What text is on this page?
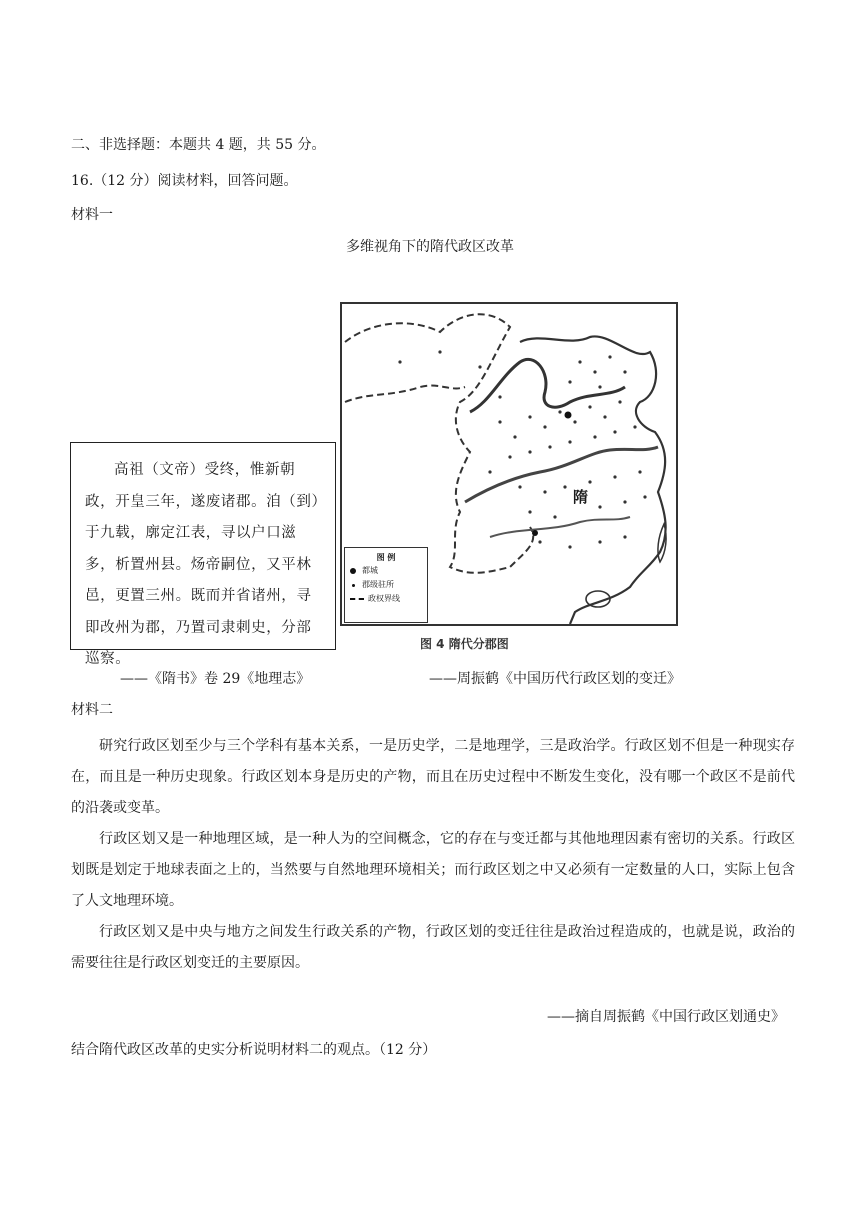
二、非选择题：本题共 4 题，共 55 分。
16.（12 分）阅读材料，回答问题。
材料一
多维视角下的隋代政区改革

高祖（文帝）受终，惟新朝政，开皇三年，遂废诸郡。洎（到）于九载，廓定江表，寻以户口滋多，析置州县。炀帝嗣位，又平林邑，更置三州。既而并省诸州，寻即改州为郡，乃置司隶刺史，分部巡察。

隋
图 例
都城
郡级驻所
政权界线
图 4 隋代分郡图
——《隋书》卷 29《地理志》	——周振鹤《中国历代行政区划的变迁》
材料二

研究行政区划至少与三个学科有基本关系，一是历史学，二是地理学，三是政治学。行政区划不但是一种现实存在，而且是一种历史现象。行政区划本身是历史的产物，而且在历史过程中不断发生变化，没有哪一个政区不是前代的沿袭或变革。

行政区划又是一种地理区域，是一种人为的空间概念，它的存在与变迁都与其他地理因素有密切的关系。行政区划既是划定于地球表面之上的，当然要与自然地理环境相关；而行政区划之中又必须有一定数量的人口，实际上包含了人文地理环境。

行政区划又是中央与地方之间发生行政关系的产物，行政区划的变迁往往是政治过程造成的，也就是说，政治的需要往往是行政区划变迁的主要原因。

——摘自周振鹤《中国行政区划通史》
结合隋代政区改革的史实分析说明材料二的观点。（12 分）
